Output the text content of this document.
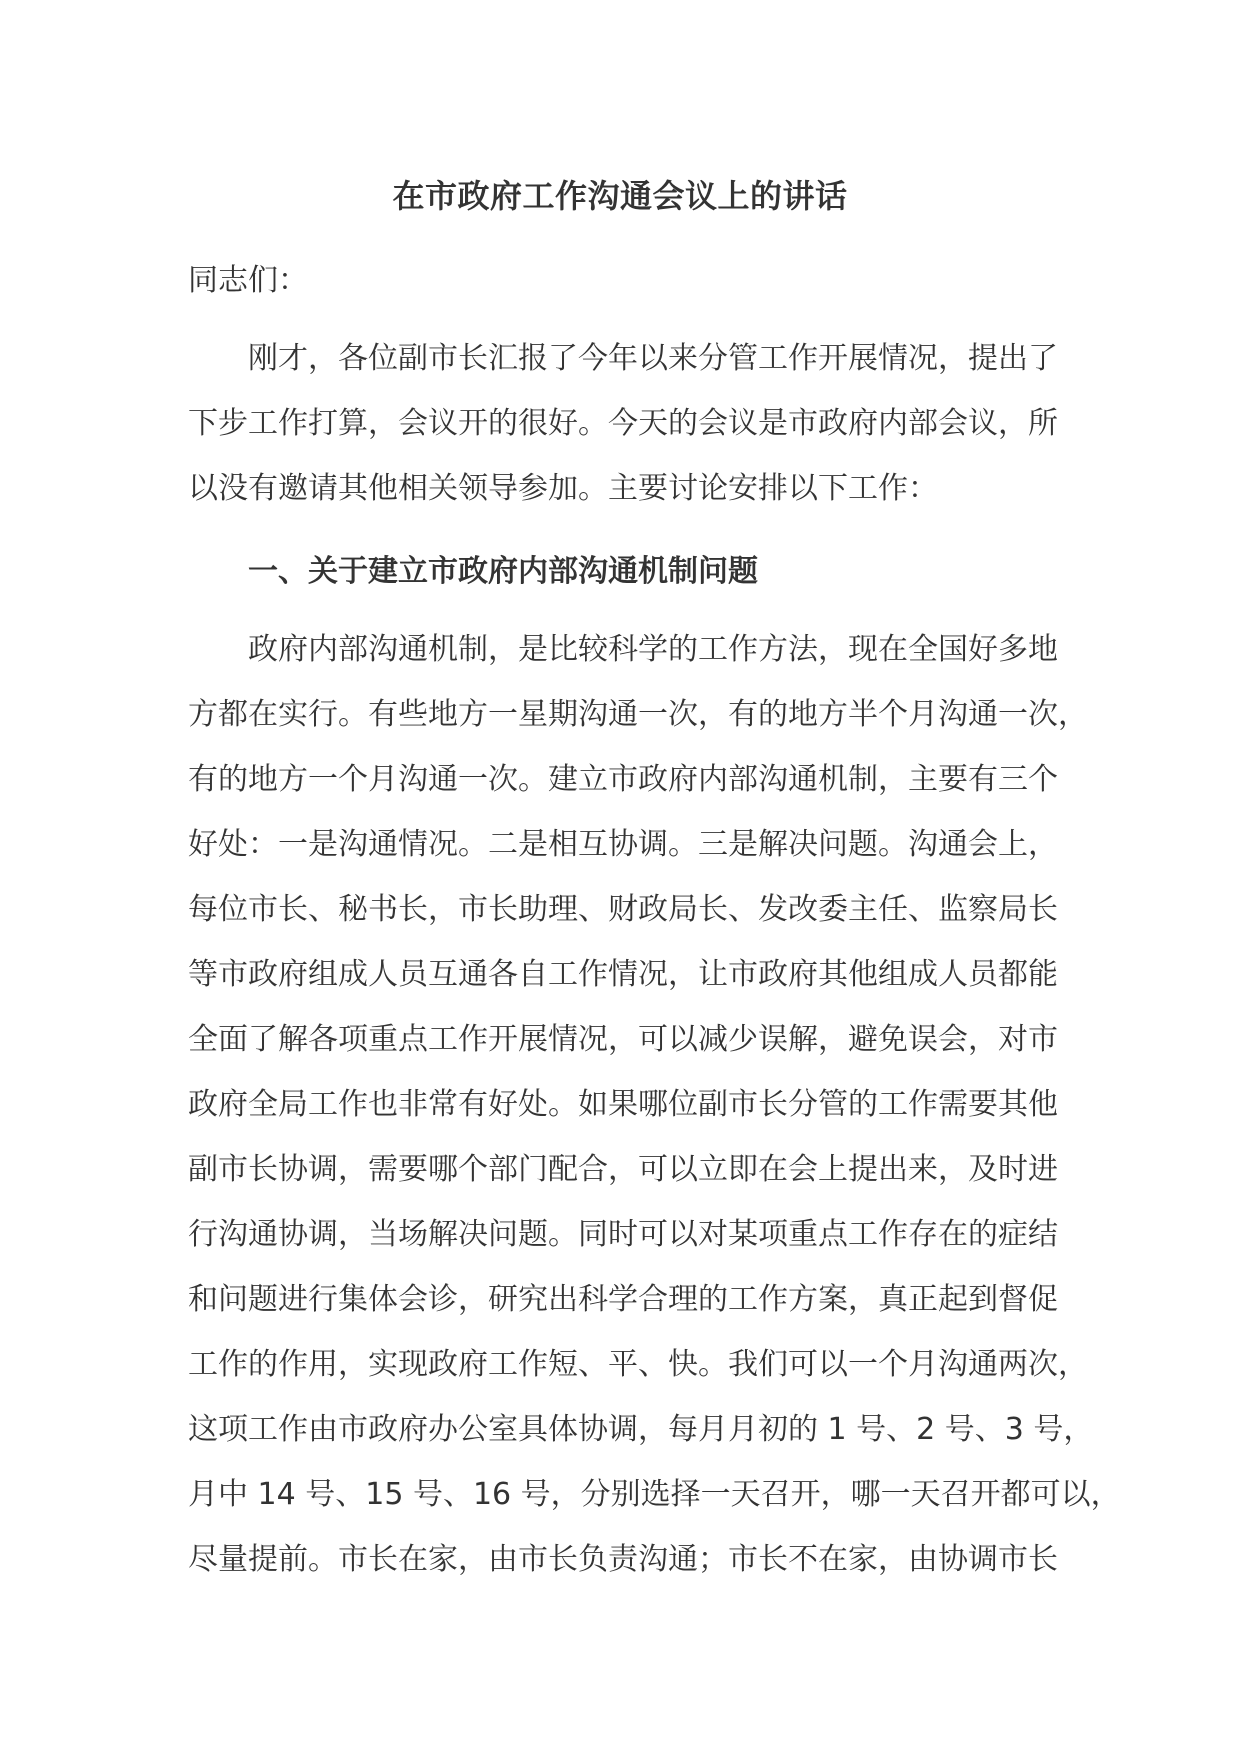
在市政府工作沟通会议上的讲话
同志们：
刚才，各位副市长汇报了今年以来分管工作开展情况，提出了
下步工作打算，会议开的很好。今天的会议是市政府内部会议，所
以没有邀请其他相关领导参加。主要讨论安排以下工作：
一、关于建立市政府内部沟通机制问题
政府内部沟通机制，是比较科学的工作方法，现在全国好多地
方都在实行。有些地方一星期沟通一次，有的地方半个月沟通一次，
有的地方一个月沟通一次。建立市政府内部沟通机制，主要有三个
好处：一是沟通情况。二是相互协调。三是解决问题。沟通会上，
每位市长、秘书长，市长助理、财政局长、发改委主任、监察局长
等市政府组成人员互通各自工作情况，让市政府其他组成人员都能
全面了解各项重点工作开展情况，可以减少误解，避免误会，对市
政府全局工作也非常有好处。如果哪位副市长分管的工作需要其他
副市长协调，需要哪个部门配合，可以立即在会上提出来，及时进
行沟通协调，当场解决问题。同时可以对某项重点工作存在的症结
和问题进行集体会诊，研究出科学合理的工作方案，真正起到督促
工作的作用，实现政府工作短、平、快。我们可以一个月沟通两次，
这项工作由市政府办公室具体协调，每月月初的 1 号、2 号、3 号，
月中 14 号、15 号、16 号，分别选择一天召开，哪一天召开都可以，
尽量提前。市长在家，由市长负责沟通；市长不在家，由协调市长
